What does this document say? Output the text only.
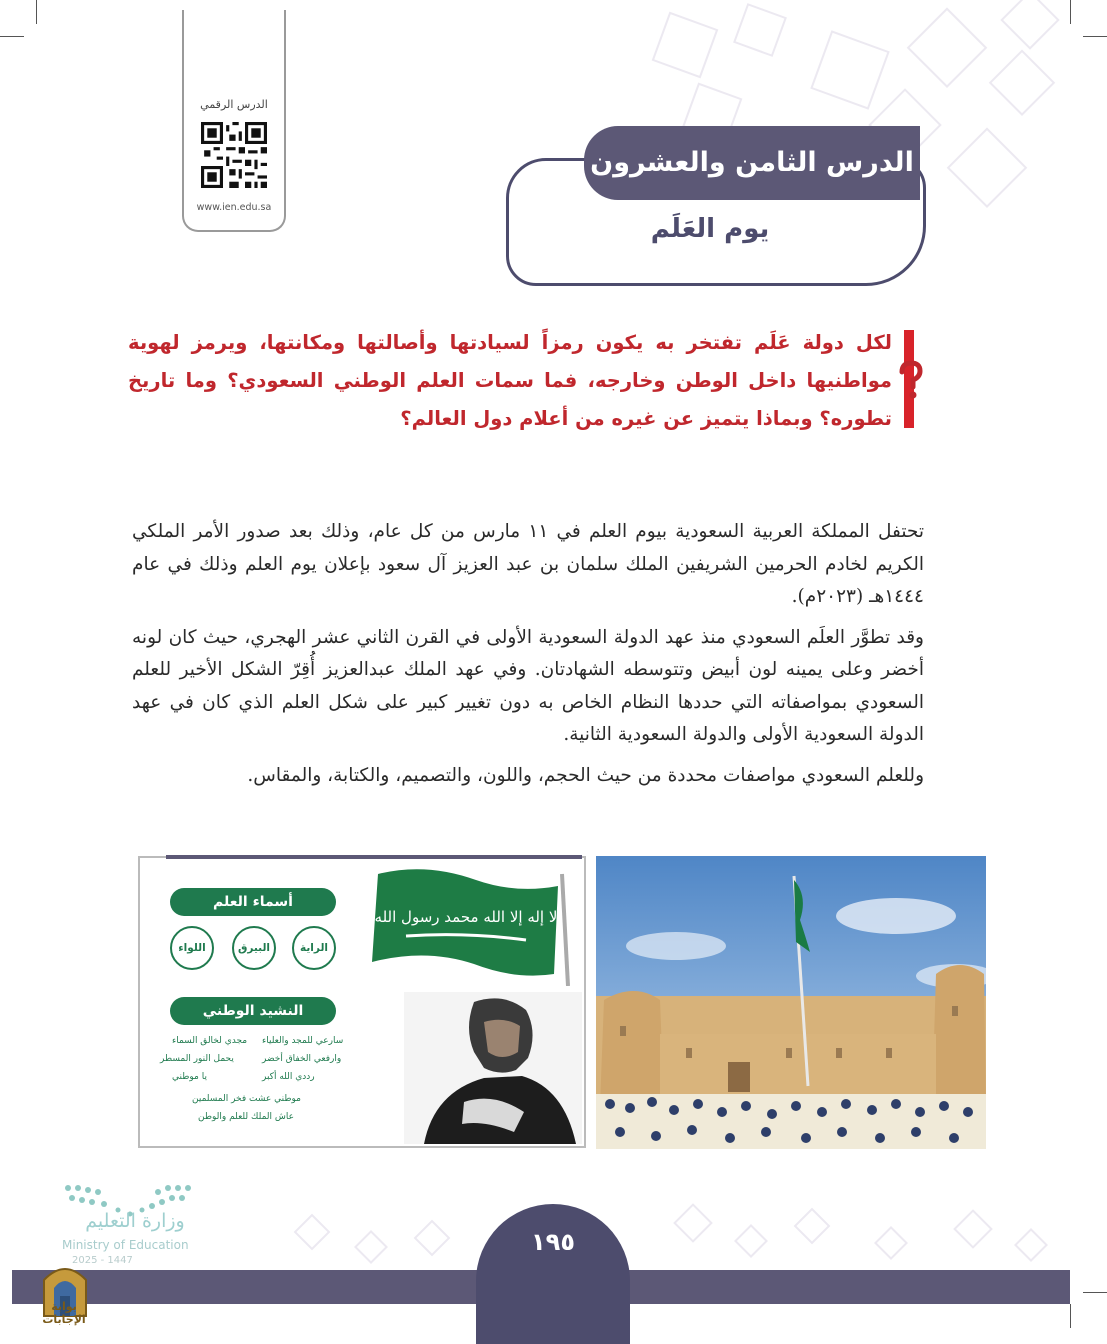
الدرس الرقمي
www.ien.edu.sa
الدرس الثامن والعشرون
يوم العَلَم
لكل دولة عَلَم تفتخر به يكون رمزاً لسيادتها وأصالتها ومكانتها، ويرمز لهوية مواطنيها داخل الوطن وخارجه، فما سمات العلم الوطني السعودي؟ وما تاريخ تطوره؟ وبماذا يتميز عن غيره من أعلام دول العالم؟

تحتفل المملكة العربية السعودية بيوم العلم في ١١ مارس من كل عام، وذلك بعد صدور الأمر الملكي الكريم لخادم الحرمين الشريفين الملك سلمان بن عبد العزيز آل سعود بإعلان يوم العلم وذلك في عام ١٤٤٤هـ (٢٠٢٣م).

وقد تطوَّر العلَم السعودي منذ عهد الدولة السعودية الأولى في القرن الثاني عشر الهجري، حيث كان لونه أخضر وعلى يمينه لون أبيض وتتوسطه الشهادتان. وفي عهد الملك عبدالعزيز أُقِرّ الشكل الأخير للعلم السعودي بمواصفاته التي حددها النظام الخاص به دون تغيير كبير على شكل العلم الذي كان في عهد الدولة السعودية الأولى والدولة السعودية الثانية.

وللعلم السعودي مواصفات محددة من حيث الحجم، واللون، والتصميم، والكتابة، والمقاس.

أسماء العلم
الراية
البيرق
اللواء
النشيد الوطني
سارعي للمجد والعلياء
مجدي لخالق السماء
وارفعي الخفاق أخضر
يحمل النور المسطر
رددي الله أكبر
يا موطني
موطني عشت فخر المسلمين
عاش الملك للعلم والوطن
لا إله إلا الله محمد رسول الله
وزارة التعليم
Ministry of Education
2025 - 1447
١٩٥
بوابة الإجابات
